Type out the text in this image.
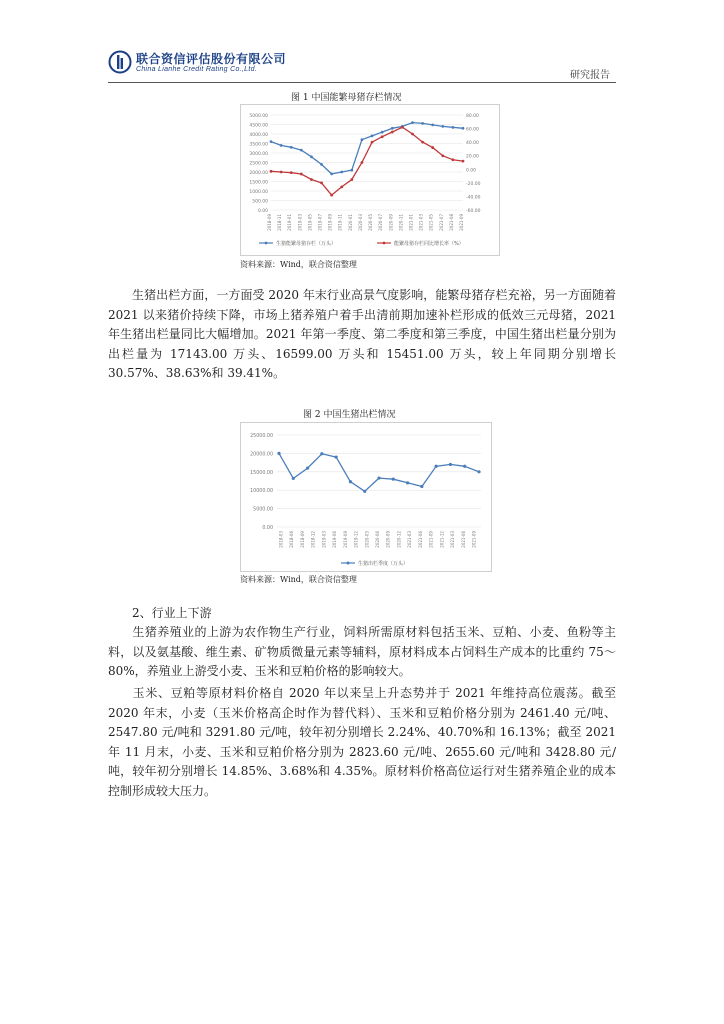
联合资信评估股份有限公司
China Lianhe Credit Rating Co.,Ltd.
研究报告
图 1 中国能繁母猪存栏情况
5000.00
4500.00
4000.00
3500.00
3000.00
2500.00
2000.00
1500.00
1000.00
500.00
0.00
80.00
60.00
40.00
20.00
0.00
-20.00
-40.00
-60.00
2018-09 2018-11 2019-01 2019-03 2019-05 2019-07 2019-09 2019-11 2020-01 2020-03 2020-05 2020-07 2020-09 2020-11 2021-01 2021-03 2021-05 2021-07 2021-08 2021-09
生猪能繁母猪存栏（万头）	能繁母猪存栏同比增长率（%）
资料来源：Wind，联合资信整理

生猪出栏方面，一方面受 2020 年末行业高景气度影响，能繁母猪存栏充裕，另一方面随着 2021 以来猪价持续下降，市场上猪养殖户着手出清前期加速补栏形成的低效三元母猪，2021 年生猪出栏量同比大幅增加。2021 年第一季度、第二季度和第三季度，中国生猪出栏量分别为出栏量为 17143.00 万头、16599.00 万头和 15451.00 万头，较上年同期分别增长 30.57%、38.63%和 39.41%。

图 2 中国生猪出栏情况
25000.00
20000.00
15000.00
10000.00
5000.00
0.00
2018-03 2018-06 2018-09 2018-12 2019-03 2019-06 2019-09 2019-12 2020-03 2020-06 2020-09 2020-12 2021-03 2021-06 2021-09 2021-12 2021-03 2021-06 2021-09
生猪出栏季度（万头）
资料来源：Wind，联合资信整理
2、行业上下游

生猪养殖业的上游为农作物生产行业，饲料所需原材料包括玉米、豆粕、小麦、鱼粉等主料，以及氨基酸、维生素、矿物质微量元素等辅料，原材料成本占饲料生产成本的比重约 75～80%，养殖业上游受小麦、玉米和豆粕价格的影响较大。

玉米、豆粕等原材料价格自 2020 年以来呈上升态势并于 2021 年维持高位震荡。截至 2020 年末，小麦（玉米价格高企时作为替代料）、玉米和豆粕价格分别为 2461.40 元/吨、2547.80 元/吨和 3291.80 元/吨，较年初分别增长 2.24%、40.70%和 16.13%；截至 2021 年 11 月末，小麦、玉米和豆粕价格分别为 2823.60 元/吨、2655.60 元/吨和 3428.80 元/吨，较年初分别增长 14.85%、3.68%和 4.35%。原材料价格高位运行对生猪养殖企业的成本控制形成较大压力。
